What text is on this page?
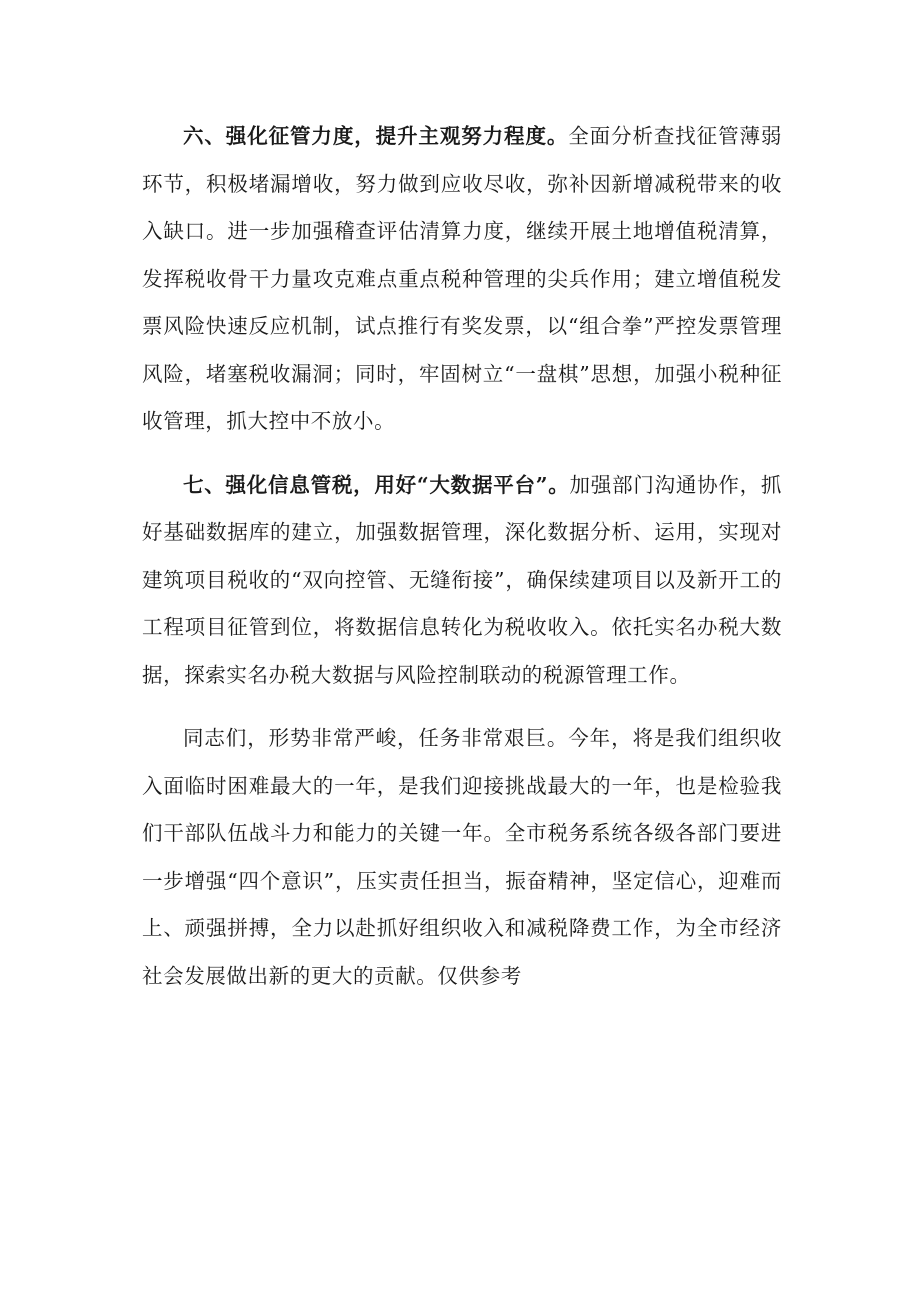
六、强化征管力度，提升主观努力程度。全面分析查找征管薄弱环节，积极堵漏增收，努力做到应收尽收，弥补因新增减税带来的收入缺口。进一步加强稽查评估清算力度，继续开展土地增值税清算，发挥税收骨干力量攻克难点重点税种管理的尖兵作用；建立增值税发票风险快速反应机制，试点推行有奖发票，以“组合拳”严控发票管理风险，堵塞税收漏洞；同时，牢固树立“一盘棋”思想，加强小税种征收管理，抓大控中不放小。

七、强化信息管税，用好“大数据平台”。加强部门沟通协作，抓好基础数据库的建立，加强数据管理，深化数据分析、运用，实现对建筑项目税收的“双向控管、无缝衔接”，确保续建项目以及新开工的工程项目征管到位，将数据信息转化为税收收入。依托实名办税大数据，探索实名办税大数据与风险控制联动的税源管理工作。

同志们，形势非常严峻，任务非常艰巨。今年，将是我们组织收入面临时困难最大的一年，是我们迎接挑战最大的一年，也是检验我们干部队伍战斗力和能力的关键一年。全市税务系统各级各部门要进一步增强“四个意识”，压实责任担当，振奋精神，坚定信心，迎难而上、顽强拼搏，全力以赴抓好组织收入和减税降费工作，为全市经济社会发展做出新的更大的贡献。仅供参考
